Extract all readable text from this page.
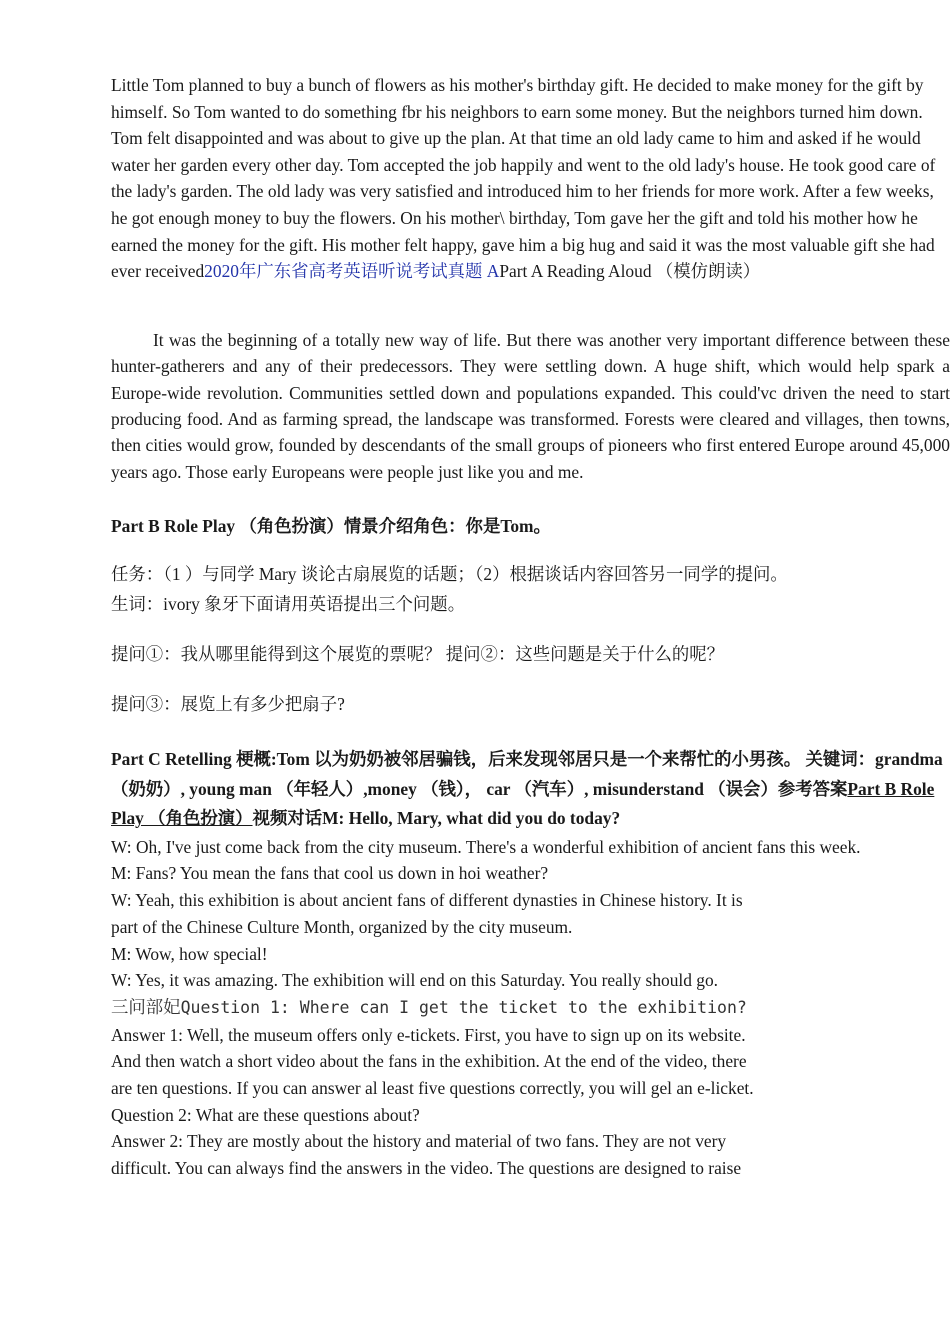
Little Tom planned to buy a bunch of flowers as his mother's birthday gift. He decided to make money for the gift by himself. So Tom wanted to do something fbr his neighbors to earn some money. But the neighbors turned him down. Tom felt disappointed and was about to give up the plan. At that time an old lady came to him and asked if he would water her garden every other day. Tom accepted the job happily and went to the old lady's house. He took good care of the lady's garden. The old lady was very satisfied and introduced him to her friends for more work. After a few weeks, he got enough money to buy the flowers. On his mother\ birthday, Tom gave her the gift and told his mother how he earned the money for the gift. His mother felt happy, gave him a big hug and said it was the most valuable gift she had ever received2020年广东省高考英语听说考试真题 APart A Reading Aloud （模仿朗读）

It was the beginning of a totally new way of life. But there was another very important difference between these hunter-gatherers and any of their predecessors. They were settling down. A huge shift, which would help spark a Europe-wide revolution. Communities settled down and populations expanded. This could'vc driven the need to start producing food. And as farming spread, the landscape was transformed. Forests were cleared and villages, then towns, then cities would grow, founded by descendants of the small groups of pioneers who first entered Europe around 45,000 years ago. Those early Europeans were people just like you and me.

Part B Role Play （角色扮演）情景介绍角色：你是Tom。

任务：（1 ）与同学 Mary 谈论古扇展览的话题；（2）根据谈话内容回答另一同学的提问。

生词：ivory 象牙下面请用英语提出三个问题。

提问①：我从哪里能得到这个展览的票呢？ 提问②：这些问题是关于什么的呢？

提问③：展览上有多少把扇子?

Part C Retelling 梗概:Tom 以为奶奶被邻居骗钱，后来发现邻居只是一个来帮忙的小男孩。 关键词：grandma （奶奶）, young man （年轻人）,money （钱）， car （汽车）, misunderstand （误会）参考答案Part B Role Play （角色扮演）视频对话M: Hello, Mary, what did you do today?

W: Oh, I've just come back from the city museum. There's a wonderful exhibition of ancient fans this week.

M: Fans? You mean the fans that cool us down in hoi weather?

W: Yeah, this exhibition is about ancient fans of different dynasties in Chinese history. It is

part of the Chinese Culture Month, organized by the city museum.

M: Wow, how special!

W: Yes, it was amazing. The exhibition will end on this Saturday. You really should go.

三问部妃Question 1: Where can I get the ticket to the exhibition?

Answer 1: Well, the museum offers only e-tickets. First, you have to sign up on its website.

And then watch a short video about the fans in the exhibition. At the end of the video, there

are ten questions. If you can answer al least five questions correctly, you will gel an e-licket.

Question 2: What are these questions about?

Answer 2: They are mostly about the history and material of two fans. They are not very

difficult. You can always find the answers in the video. The questions are designed to raise
